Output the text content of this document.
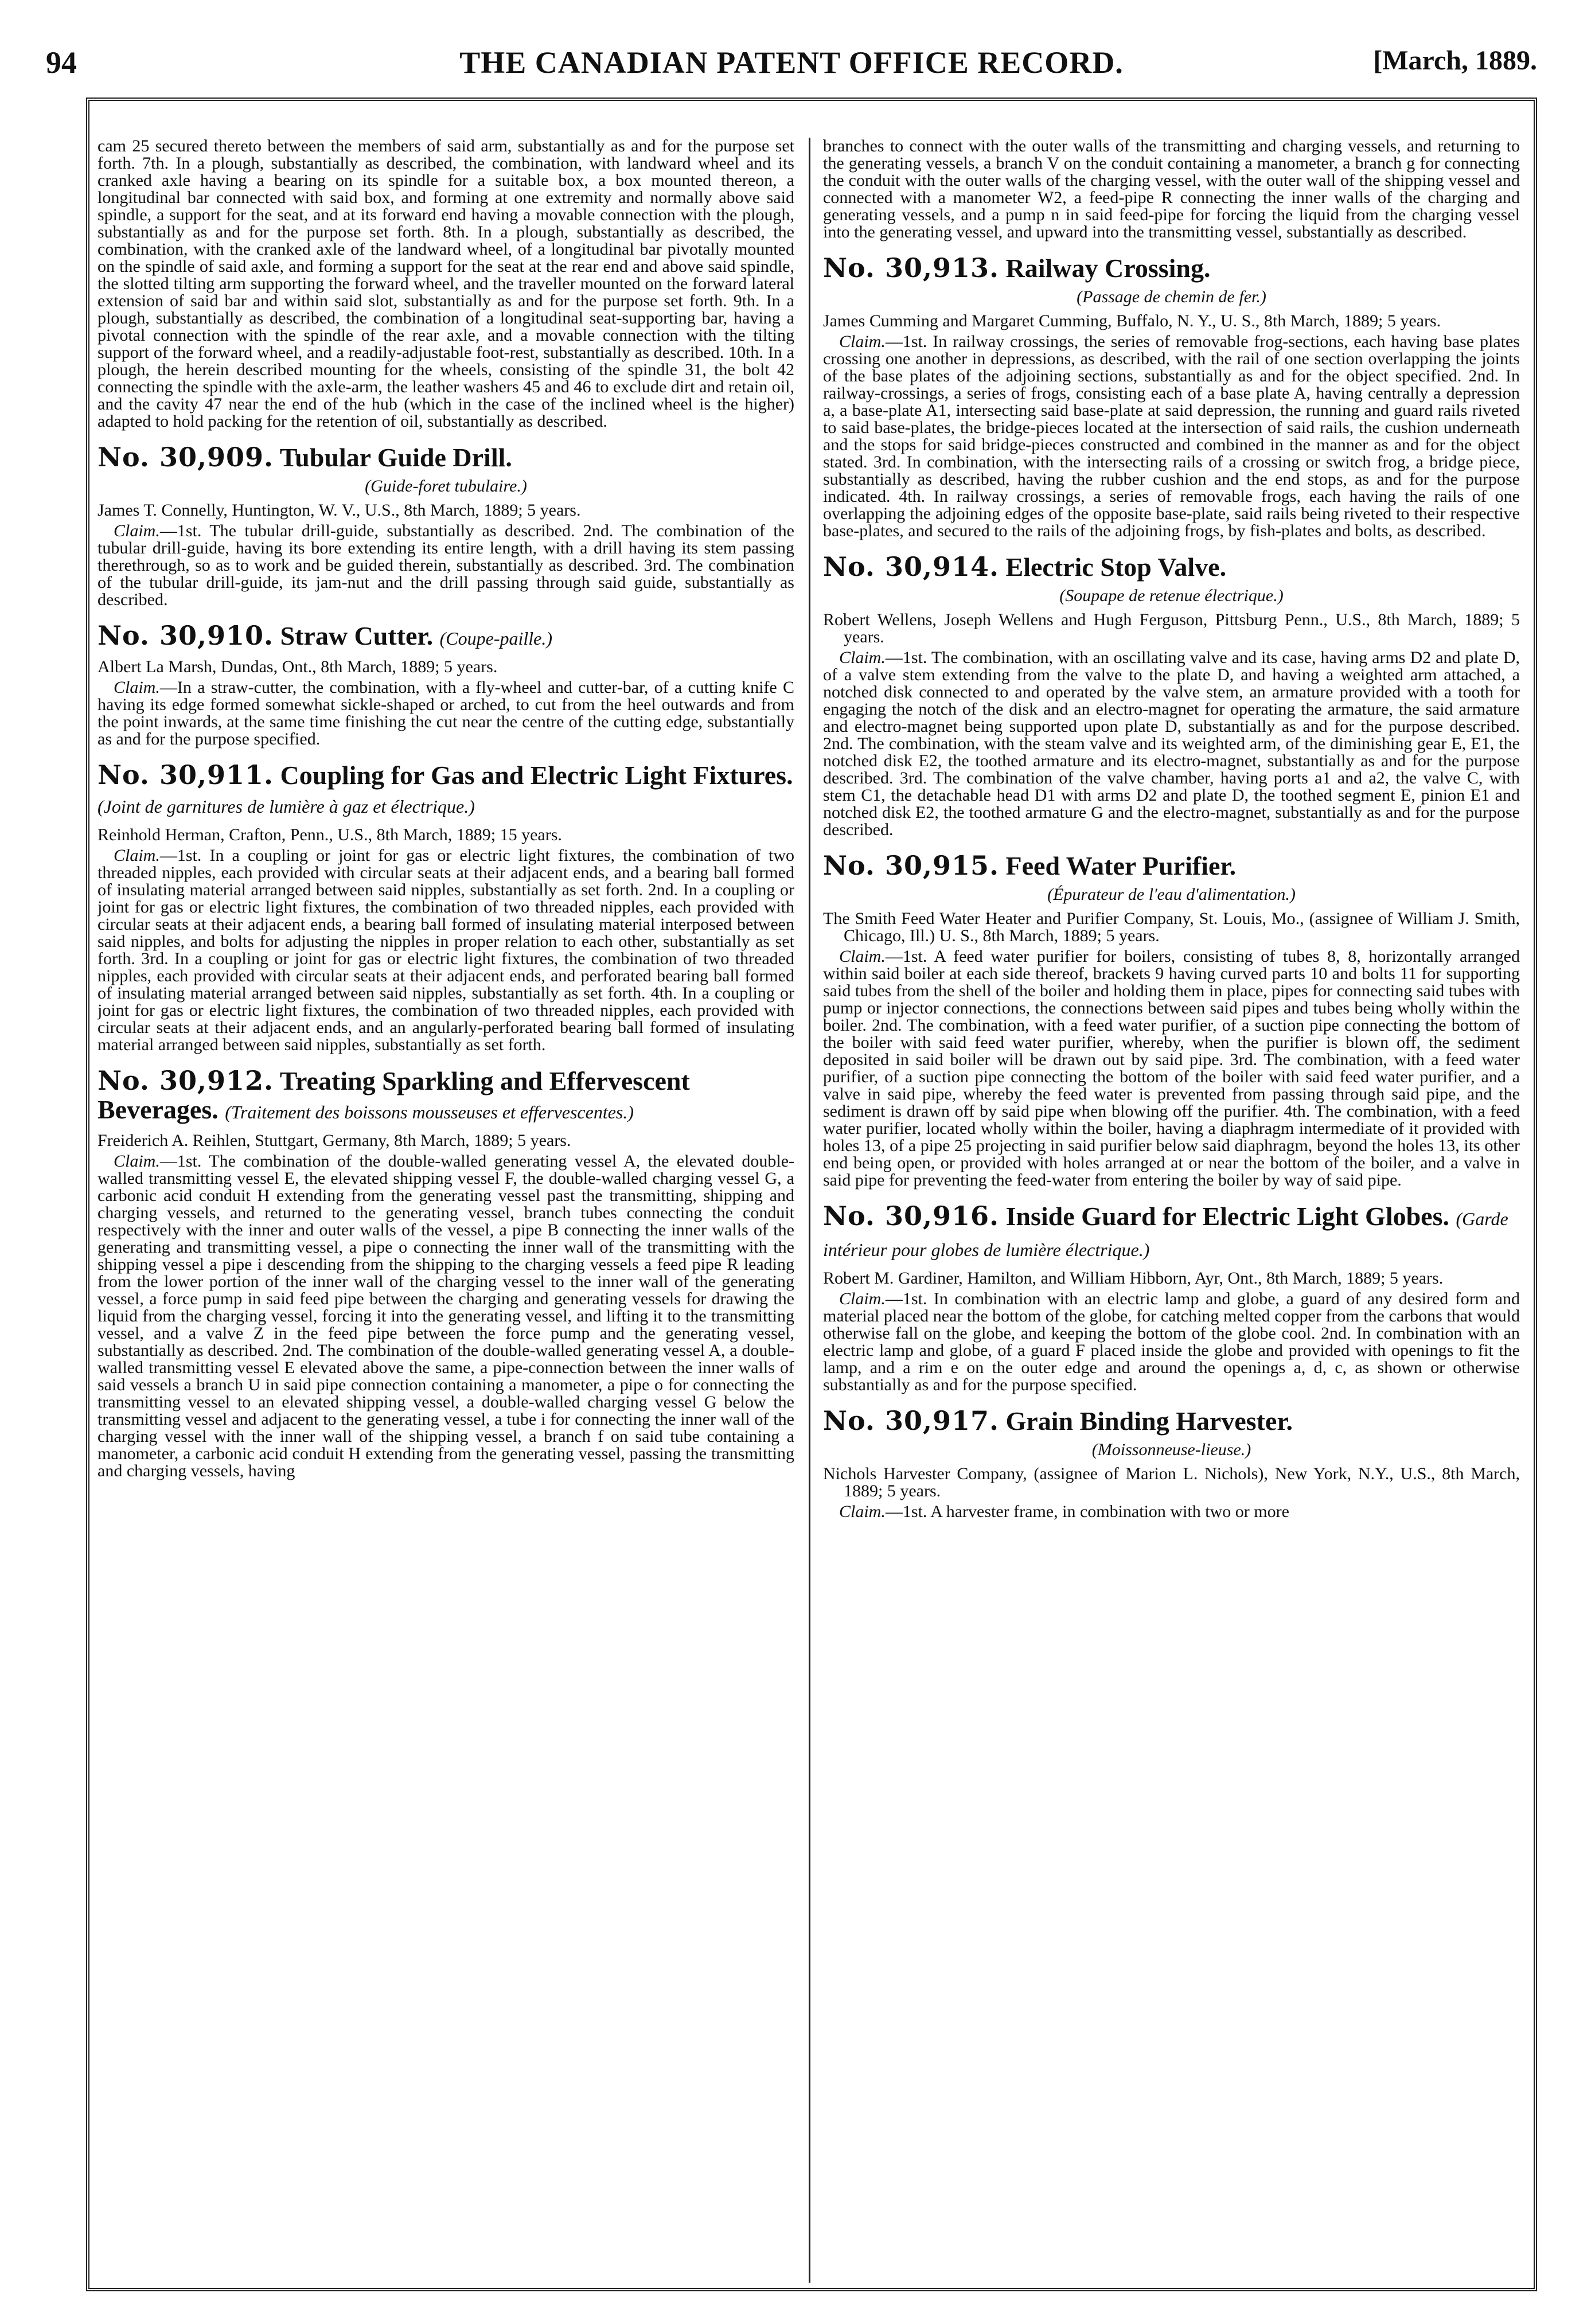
94	THE CANADIAN PATENT OFFICE RECORD.	[March, 1889.

cam 25 secured thereto between the members of said arm, substantially as and for the purpose set forth. 7th. In a plough, substantially as described, the combination, with landward wheel and its cranked axle having a bearing on its spindle for a suitable box, a box mounted thereon, a longitudinal bar connected with said box, and forming at one extremity and normally above said spindle, a support for the seat, and at its forward end having a movable connection with the plough, substantially as and for the purpose set forth. 8th. In a plough, substantially as described, the combination, with the cranked axle of the landward wheel, of a longitudinal bar pivotally mounted on the spindle of said axle, and forming a support for the seat at the rear end and above said spindle, the slotted tilting arm supporting the forward wheel, and the traveller mounted on the forward lateral extension of said bar and within said slot, substantially as and for the purpose set forth. 9th. In a plough, substantially as described, the combination of a longitudinal seat-supporting bar, having a pivotal connection with the spindle of the rear axle, and a movable connection with the tilting support of the forward wheel, and a readily-adjustable foot-rest, substantially as described. 10th. In a plough, the herein described mounting for the wheels, consisting of the spindle 31, the bolt 42 connecting the spindle with the axle-arm, the leather washers 45 and 46 to exclude dirt and retain oil, and the cavity 47 near the end of the hub (which in the case of the inclined wheel is the higher) adapted to hold packing for the retention of oil, substantially as described.

No. 30,909. Tubular Guide Drill.
(Guide-foret tubulaire.)

James T. Connelly, Huntington, W. V., U.S., 8th March, 1889; 5 years.

Claim.—1st. The tubular drill-guide, substantially as described. 2nd. The combination of the tubular drill-guide, having its bore extending its entire length, with a drill having its stem passing therethrough, so as to work and be guided therein, substantially as described. 3rd. The combination of the tubular drill-guide, its jam-nut and the drill passing through said guide, substantially as described.

No. 30,910. Straw Cutter. (Coupe-paille.)

Albert La Marsh, Dundas, Ont., 8th March, 1889; 5 years.

Claim.—In a straw-cutter, the combination, with a fly-wheel and cutter-bar, of a cutting knife C having its edge formed somewhat sickle-shaped or arched, to cut from the heel outwards and from the point inwards, at the same time finishing the cut near the centre of the cutting edge, substantially as and for the purpose specified.

No. 30,911. Coupling for Gas and Electric Light Fixtures. (Joint de garnitures de lumière à gaz et électrique.)

Reinhold Herman, Crafton, Penn., U.S., 8th March, 1889; 15 years.

Claim.—1st. In a coupling or joint for gas or electric light fixtures, the combination of two threaded nipples, each provided with circular seats at their adjacent ends, and a bearing ball formed of insulating material arranged between said nipples, substantially as set forth. 2nd. In a coupling or joint for gas or electric light fixtures, the combination of two threaded nipples, each provided with circular seats at their adjacent ends, a bearing ball formed of insulating material interposed between said nipples, and bolts for adjusting the nipples in proper relation to each other, substantially as set forth. 3rd. In a coupling or joint for gas or electric light fixtures, the combination of two threaded nipples, each provided with circular seats at their adjacent ends, and perforated bearing ball formed of insulating material arranged between said nipples, substantially as set forth. 4th. In a coupling or joint for gas or electric light fixtures, the combination of two threaded nipples, each provided with circular seats at their adjacent ends, and an angularly-perforated bearing ball formed of insulating material arranged between said nipples, substantially as set forth.

No. 30,912. Treating Sparkling and Effervescent Beverages. (Traitement des boissons mousseuses et effervescentes.)

Freiderich A. Reihlen, Stuttgart, Germany, 8th March, 1889; 5 years.

Claim.—1st. The combination of the double-walled generating vessel A, the elevated double-walled transmitting vessel E, the elevated shipping vessel F, the double-walled charging vessel G, a carbonic acid conduit H extending from the generating vessel past the transmitting, shipping and charging vessels, and returned to the generating vessel, branch tubes connecting the conduit respectively with the inner and outer walls of the vessel, a pipe B connecting the inner walls of the generating and transmitting vessel, a pipe o connecting the inner wall of the transmitting with the shipping vessel a pipe i descending from the shipping to the charging vessels a feed pipe R leading from the lower portion of the inner wall of the charging vessel to the inner wall of the generating vessel, a force pump in said feed pipe between the charging and generating vessels for drawing the liquid from the charging vessel, forcing it into the generating vessel, and lifting it to the transmitting vessel, and a valve Z in the feed pipe between the force pump and the generating vessel, substantially as described. 2nd. The combination of the double-walled generating vessel A, a double-walled transmitting vessel E elevated above the same, a pipe-connection between the inner walls of said vessels a branch U in said pipe connection containing a manometer, a pipe o for connecting the transmitting vessel to an elevated shipping vessel, a double-walled charging vessel G below the transmitting vessel and adjacent to the generating vessel, a tube i for connecting the inner wall of the charging vessel with the inner wall of the shipping vessel, a branch f on said tube containing a manometer, a carbonic acid conduit H extending from the generating vessel, passing the transmitting and charging vessels, having

branches to connect with the outer walls of the transmitting and charging vessels, and returning to the generating vessels, a branch V on the conduit containing a manometer, a branch g for connecting the conduit with the outer walls of the charging vessel, with the outer wall of the shipping vessel and connected with a manometer W2, a feed-pipe R connecting the inner walls of the charging and generating vessels, and a pump n in said feed-pipe for forcing the liquid from the charging vessel into the generating vessel, and upward into the transmitting vessel, substantially as described.

No. 30,913. Railway Crossing.
(Passage de chemin de fer.)

James Cumming and Margaret Cumming, Buffalo, N. Y., U. S., 8th March, 1889; 5 years.

Claim.—1st. In railway crossings, the series of removable frog-sections, each having base plates crossing one another in depressions, as described, with the rail of one section overlapping the joints of the base plates of the adjoining sections, substantially as and for the object specified. 2nd. In railway-crossings, a series of frogs, consisting each of a base plate A, having centrally a depression a, a base-plate A1, intersecting said base-plate at said depression, the running and guard rails riveted to said base-plates, the bridge-pieces located at the intersection of said rails, the cushion underneath and the stops for said bridge-pieces constructed and combined in the manner as and for the object stated. 3rd. In combination, with the intersecting rails of a crossing or switch frog, a bridge piece, substantially as described, having the rubber cushion and the end stops, as and for the purpose indicated. 4th. In railway crossings, a series of removable frogs, each having the rails of one overlapping the adjoining edges of the opposite base-plate, said rails being riveted to their respective base-plates, and secured to the rails of the adjoining frogs, by fish-plates and bolts, as described.

No. 30,914. Electric Stop Valve.
(Soupape de retenue électrique.)

Robert Wellens, Joseph Wellens and Hugh Ferguson, Pittsburg Penn., U.S., 8th March, 1889; 5 years.

Claim.—1st. The combination, with an oscillating valve and its case, having arms D2 and plate D, of a valve stem extending from the valve to the plate D, and having a weighted arm attached, a notched disk connected to and operated by the valve stem, an armature provided with a tooth for engaging the notch of the disk and an electro-magnet for operating the armature, the said armature and electro-magnet being supported upon plate D, substantially as and for the purpose described. 2nd. The combination, with the steam valve and its weighted arm, of the diminishing gear E, E1, the notched disk E2, the toothed armature and its electro-magnet, substantially as and for the purpose described. 3rd. The combination of the valve chamber, having ports a1 and a2, the valve C, with stem C1, the detachable head D1 with arms D2 and plate D, the toothed segment E, pinion E1 and notched disk E2, the toothed armature G and the electro-magnet, substantially as and for the purpose described.

No. 30,915. Feed Water Purifier.
(Épurateur de l'eau d'alimentation.)

The Smith Feed Water Heater and Purifier Company, St. Louis, Mo., (assignee of William J. Smith, Chicago, Ill.) U. S., 8th March, 1889; 5 years.

Claim.—1st. A feed water purifier for boilers, consisting of tubes 8, 8, horizontally arranged within said boiler at each side thereof, brackets 9 having curved parts 10 and bolts 11 for supporting said tubes from the shell of the boiler and holding them in place, pipes for connecting said tubes with pump or injector connections, the connections between said pipes and tubes being wholly within the boiler. 2nd. The combination, with a feed water purifier, of a suction pipe connecting the bottom of the boiler with said feed water purifier, whereby, when the purifier is blown off, the sediment deposited in said boiler will be drawn out by said pipe. 3rd. The combination, with a feed water purifier, of a suction pipe connecting the bottom of the boiler with said feed water purifier, and a valve in said pipe, whereby the feed water is prevented from passing through said pipe, and the sediment is drawn off by said pipe when blowing off the purifier. 4th. The combination, with a feed water purifier, located wholly within the boiler, having a diaphragm intermediate of it provided with holes 13, of a pipe 25 projecting in said purifier below said diaphragm, beyond the holes 13, its other end being open, or provided with holes arranged at or near the bottom of the boiler, and a valve in said pipe for preventing the feed-water from entering the boiler by way of said pipe.

No. 30,916. Inside Guard for Electric Light Globes. (Garde intérieur pour globes de lumière électrique.)

Robert M. Gardiner, Hamilton, and William Hibborn, Ayr, Ont., 8th March, 1889; 5 years.

Claim.—1st. In combination with an electric lamp and globe, a guard of any desired form and material placed near the bottom of the globe, for catching melted copper from the carbons that would otherwise fall on the globe, and keeping the bottom of the globe cool. 2nd. In combination with an electric lamp and globe, of a guard F placed inside the globe and provided with openings to fit the lamp, and a rim e on the outer edge and around the openings a, d, c, as shown or otherwise substantially as and for the purpose specified.

No. 30,917. Grain Binding Harvester.
(Moissonneuse-lieuse.)

Nichols Harvester Company, (assignee of Marion L. Nichols), New York, N.Y., U.S., 8th March, 1889; 5 years.

Claim.—1st. A harvester frame, in combination with two or more
